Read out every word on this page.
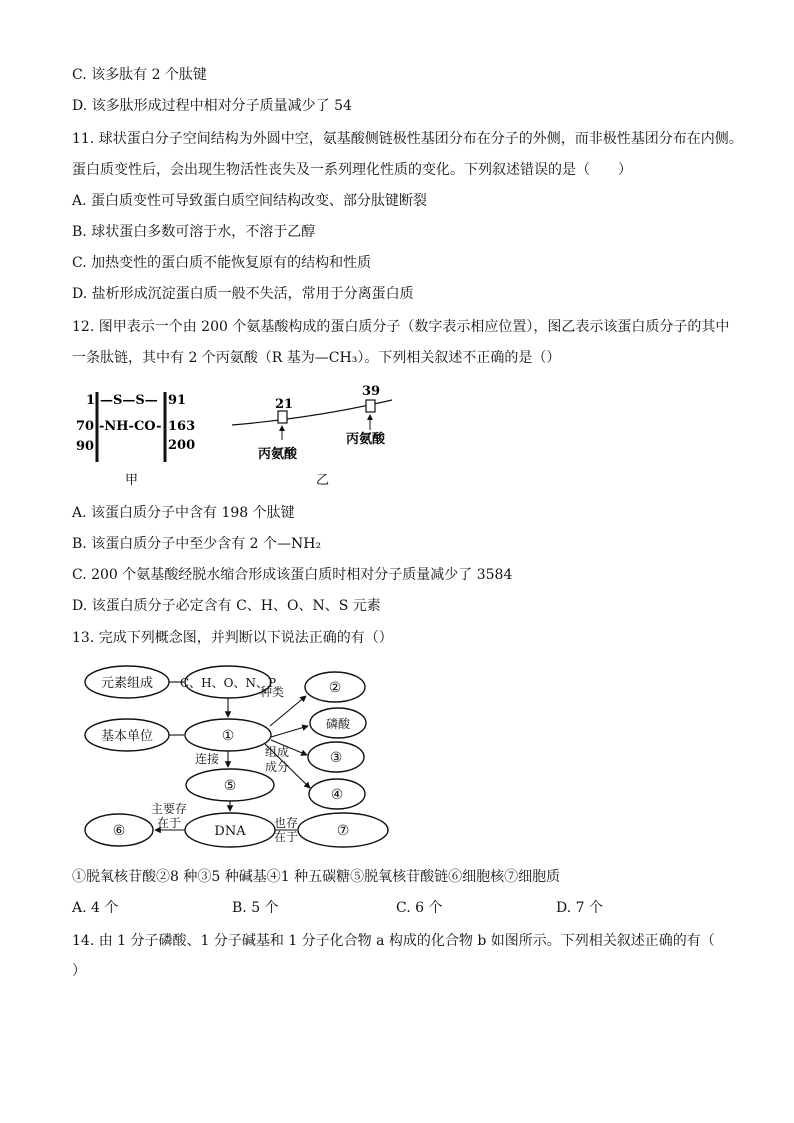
C. 该多肽有 2 个肽键
D. 该多肽形成过程中相对分子质量减少了 54
11. 球状蛋白分子空间结构为外圆中空，氨基酸侧链极性基团分布在分子的外侧，而非极性基团分布在内侧。
蛋白质变性后，会出现生物活性丧失及一系列理化性质的变化。下列叙述错误的是（　　）
A. 蛋白质变性可导致蛋白质空间结构改变、部分肽键断裂
B. 球状蛋白多数可溶于水，不溶于乙醇
C. 加热变性的蛋白质不能恢复原有的结构和性质
D. 盐析形成沉淀蛋白质一般不失活，常用于分离蛋白质
12. 图甲表示一个由 200 个氨基酸构成的蛋白质分子（数字表示相应位置），图乙表示该蛋白质分子的其中
一条肽链，其中有 2 个丙氨酸（R 基为—CH₃）。下列相关叙述不正确的是（）
1 —S—S— 91
70 -NH-CO- 163
90	200
甲
21
39
丙氨酸
丙氨酸
乙
A. 该蛋白质分子中含有 198 个肽键
B. 该蛋白质分子中至少含有 2 个—NH₂
C. 200 个氨基酸经脱水缩合形成该蛋白质时相对分子质量减少了 3584
D. 该蛋白质分子必定含有 C、H、O、N、S 元素
13. 完成下列概念图，并判断以下说法正确的有（）
元素组成 C、H、O、N、P
基本单位	①
②
磷酸
③
④
⑤
DNA
⑥	⑦
种类
连接	组成
成分
主要存
在于	也存
在于
①脱氧核苷酸②8 种③5 种碱基④1 种五碳糖⑤脱氧核苷酸链⑥细胞核⑦细胞质
A. 4 个	B. 5 个	C. 6 个	D. 7 个
14. 由 1 分子磷酸、1 分子碱基和 1 分子化合物 a 构成的化合物 b 如图所示。下列相关叙述正确的有（
）
